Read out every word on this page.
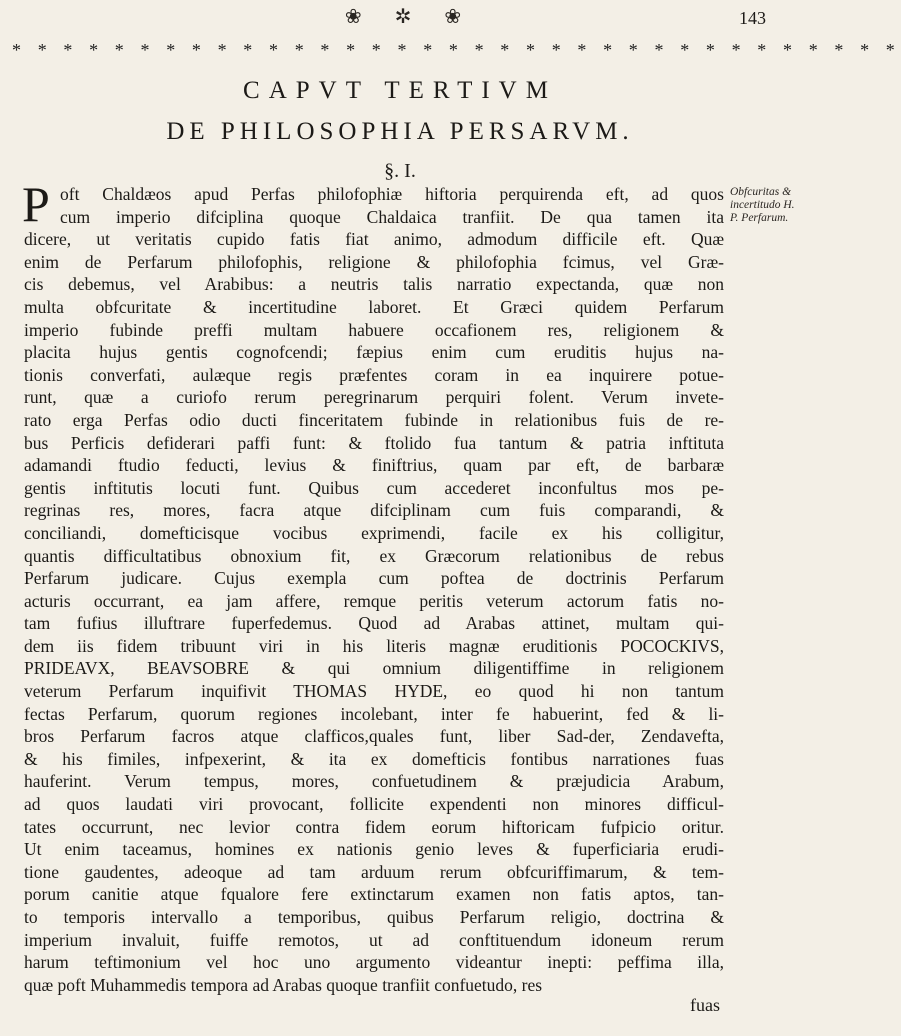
❀ ✲ ❀	143
* * * * * * * * * * * * * * * * * * * * * * * * * * * * * * * * * * *
CAPVT TERTIVM
DE PHILOSOPHIA PERSARVM.
§. I.
P oft Chaldæos apud Perfas philofophiæ hiftoria perquirenda eft, ad quos
cum imperio difciplina quoque Chaldaica tranfiit. De qua tamen ita
dicere, ut veritatis cupido fatis fiat animo, admodum difficile eft. Quæ
enim de Perfarum philofophis, religione & philofophia fcimus, vel Græ-
cis debemus, vel Arabibus: a neutris talis narratio expectanda, quæ non
multa obfcuritate & incertitudine laboret. Et Græci quidem Perfarum
imperio fubinde preffi multam habuere occafionem res, religionem &
placita hujus gentis cognofcendi; fæpius enim cum eruditis hujus na-
tionis converfati, aulæque regis præfentes coram in ea inquirere potue-
runt, quæ a curiofo rerum peregrinarum perquiri folent. Verum invete-
rato erga Perfas odio ducti finceritatem fubinde in relationibus fuis de re-
bus Perficis defiderari paffi funt: & ftolido fua tantum & patria inftituta
adamandi ftudio feducti, levius & finiftrius, quam par eft, de barbaræ
gentis inftitutis locuti funt. Quibus cum accederet inconfultus mos pe-
regrinas res, mores, facra atque difciplinam cum fuis comparandi, &
conciliandi, domefticisque vocibus exprimendi, facile ex his colligitur,
quantis difficultatibus obnoxium fit, ex Græcorum relationibus de rebus
Perfarum judicare. Cujus exempla cum poftea de doctrinis Perfarum
acturis occurrant, ea jam affere, remque peritis veterum actorum fatis no-
tam fufius illuftrare fuperfedemus. Quod ad Arabas attinet, multam qui-
dem iis fidem tribuunt viri in his literis magnæ eruditionis POCOCKIVS,
PRIDEAVX, BEAVSOBRE & qui omnium diligentiffime in religionem
veterum Perfarum inquifivit THOMAS HYDE, eo quod hi non tantum
fectas Perfarum, quorum regiones incolebant, inter fe habuerint, fed & li-
bros Perfarum facros atque clafficos,quales funt, liber Sad-der, Zendavefta,
& his fimiles, infpexerint, & ita ex domefticis fontibus narrationes fuas
hauferint. Verum tempus, mores, confuetudinem & præjudicia Arabum,
ad quos laudati viri provocant, follicite expendenti non minores difficul-
tates occurrunt, nec levior contra fidem eorum hiftoricam fufpicio oritur.
Ut enim taceamus, homines ex nationis genio leves & fuperficiaria erudi-
tione gaudentes, adeoque ad tam arduum rerum obfcuriffimarum, & tem-
porum canitie atque fqualore fere extinctarum examen non fatis aptos, tan-
to temporis intervallo a temporibus, quibus Perfarum religio, doctrina &
imperium invaluit, fuiffe remotos, ut ad conftituendum idoneum rerum
harum teftimonium vel hoc uno argumento videantur inepti: peffima illa,
quæ poft Muhammedis tempora ad Arabas quoque tranfiit confuetudo, res
fuas
Obfcuritas &
incertitudo H.
P. Perfarum.
